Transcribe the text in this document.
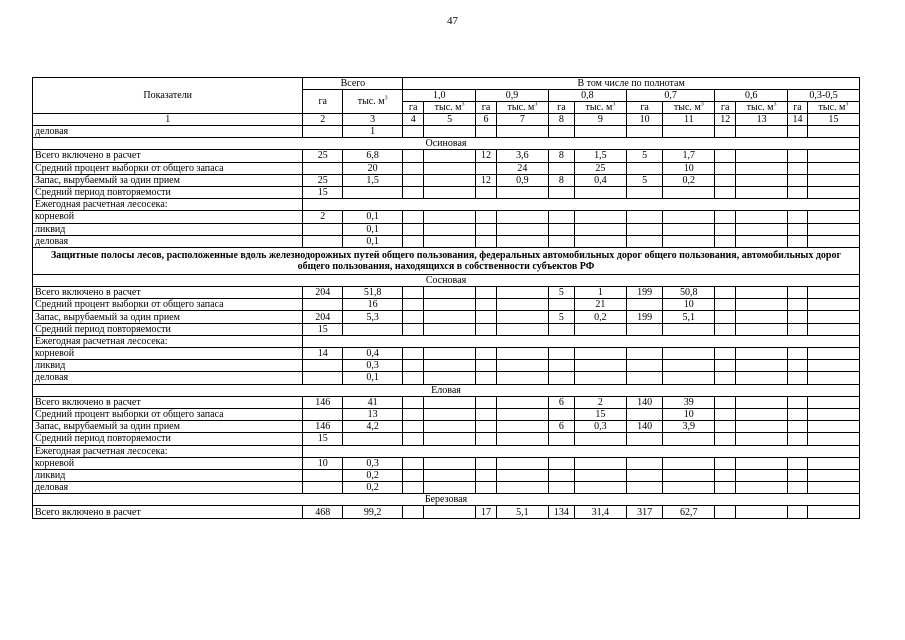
47
Показатели	Всего		В том числе по полнотам											
	га	тыс. $м^3$	1,0		0,9		0,8		0,7		0,6		0,3-0,5	
			га	тыс. $м^3$	га	тыс. $м^3$	га	тыс. $м^3$	га	тыс. $м^3$	га	тыс. $м^3$	га	тыс. $м^3$
1	2	3	4	5	6	7	8	9	10	11	12	13	14	15
деловая		1												
Осиновая														
Всего включено в расчет	25	6,8			12	3,6	8	1,5	5	1,7				
Средний процент выборки от общего запаса		20				24		25		10				
Запас, вырубаемый за один прием	25	1,5			12	0,9	8	0,4	5	0,2				
Средний период повторяемости	15													
Ежегодная расчетная лесосека:														
корневой	2	0,1												
ликвид		0,1												
деловая		0,1												
Защитные полосы лесов, расположенные вдоль железнодорожных путей общего пользования, федеральных автомобильных дорог общего пользования, автомобильных дорог общего пользования, находящихся в собственности субъектов РФ														
Сосновая														
Всего включено в расчет	204	51,8					5	1	199	50,8				
Средний процент выборки от общего запаса		16						21		10				
Запас, вырубаемый за один прием	204	5,3					5	0,2	199	5,1				
Средний период повторяемости	15													
Ежегодная расчетная лесосека:														
корневой	14	0,4												
ликвид		0,3												
деловая		0,1												
Еловая														
Всего включено в расчет	146	41					6	2	140	39				
Средний процент выборки от общего запаса		13						15		10				
Запас, вырубаемый за один прием	146	4,2					6	0,3	140	3,9				
Средний период повторяемости	15													
Ежегодная расчетная лесосека:														
корневой	10	0,3												
ликвид		0,2												
деловая		0,2												
Березовая														
Всего включено в расчет	468	99,2			17	5,1	134	31,4	317	62,7				
